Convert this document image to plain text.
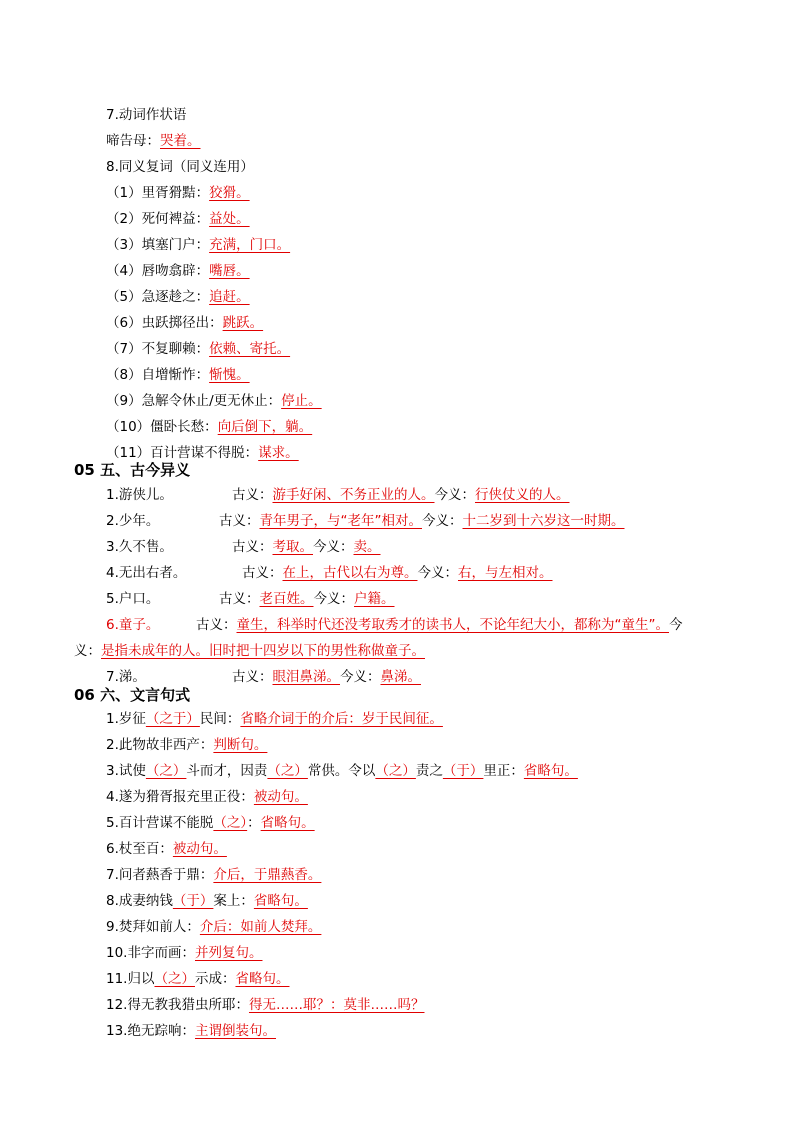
7.动词作状语
啼告母：哭着。
8.同义复词（同义连用）
（1）里胥猾黠：狡猾。
（2）死何裨益：益处。
（3）填塞门户：充满，门口。
（4）唇吻翕辟：嘴唇。
（5）急逐趁之：追赶。
（6）虫跃掷径出：跳跃。
（7）不复聊赖：依赖、寄托。
（8）自增惭怍：惭愧。
（9）急解令休止/更无休止：停止。
（10）僵卧长愁：向后倒下，躺。
（11）百计营谋不得脱：谋求。
05 五、古今异义
1.游侠儿。	古义：游手好闲、不务正业的人。今义：行侠仗义的人。
2.少年。	古义：青年男子，与“老年”相对。今义：十二岁到十六岁这一时期。
3.久不售。	古义：考取。今义：卖。
4.无出右者。	古义：在上，古代以右为尊。今义：右，与左相对。
5.户口。	古义：老百姓。今义：户籍。
6.童子。	古义：童生，科举时代还没考取秀才的读书人，不论年纪大小，都称为“童生”。今
义：是指未成年的人。旧时把十四岁以下的男性称做童子。
7.涕。	古义：眼泪鼻涕。今义：鼻涕。
06 六、文言句式
1.岁征（之于）民间：省略介词于的介后：岁于民间征。
2.此物故非西产：判断句。
3.试使（之）斗而才，因责（之）常供。令以（之）责之（于）里正：省略句。
4.遂为猾胥报充里正役：被动句。
5.百计营谋不能脱（之）：省略句。
6.杖至百：被动句。
7.问者爇香于鼎：介后，于鼎爇香。
8.成妻纳钱（于）案上：省略句。
9.焚拜如前人：介后：如前人焚拜。
10.非字而画：并列复句。
11.归以（之）示成：省略句。
12.得无教我猎虫所耶：得无……耶？：莫非……吗？
13.绝无踪响：主谓倒装句。
